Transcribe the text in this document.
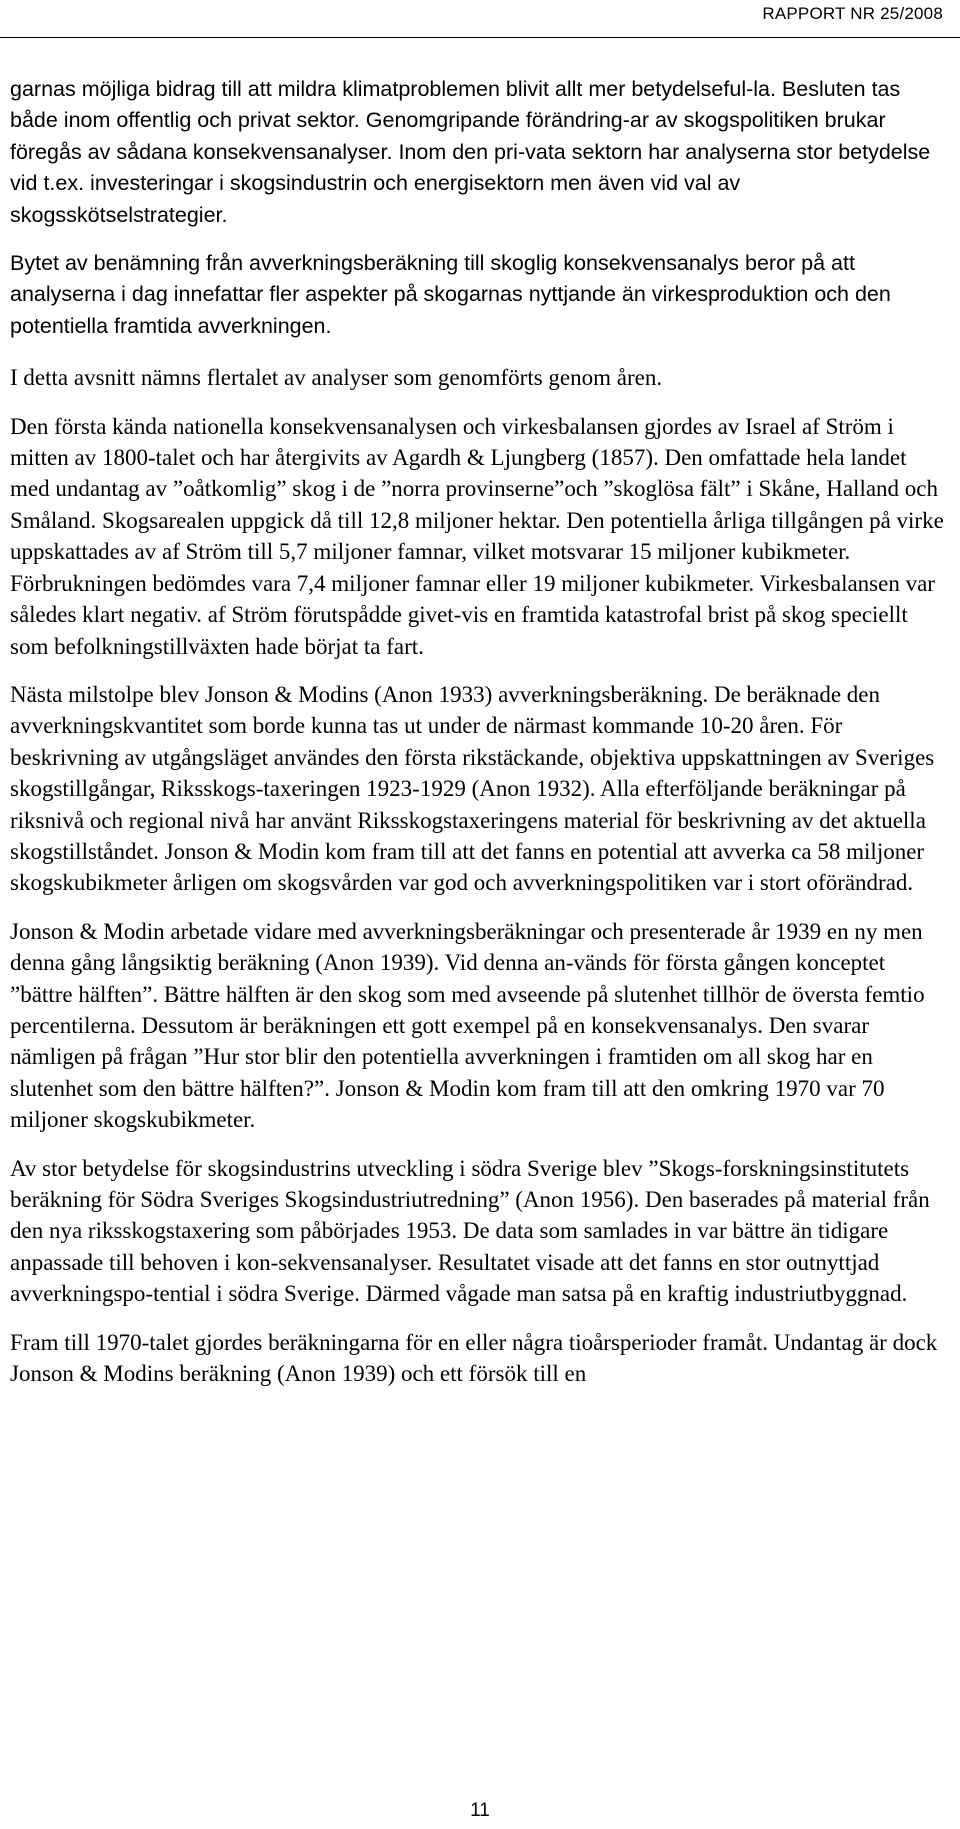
RAPPORT NR 25/2008

garnas möjliga bidrag till att mildra klimatproblemen blivit allt mer betydelseful-la. Besluten tas både inom offentlig och privat sektor. Genomgripande förändring-ar av skogspolitiken brukar föregås av sådana konsekvensanalyser. Inom den pri-vata sektorn har analyserna stor betydelse vid t.ex. investeringar i skogsindustrin och energisektorn men även vid val av skogsskötselstrategier.

Bytet av benämning från avverkningsberäkning till skoglig konsekvensanalys beror på att analyserna i dag innefattar fler aspekter på skogarnas nyttjande än virkesproduktion och den potentiella framtida avverkningen.

I detta avsnitt nämns flertalet av analyser som genomförts genom åren.

Den första kända nationella konsekvensanalysen och virkesbalansen gjordes av Israel af Ström i mitten av 1800-talet och har återgivits av Agardh & Ljungberg (1857). Den omfattade hela landet med undantag av ”oåtkomlig” skog i de ”norra provinserne”och ”skoglösa fält” i Skåne, Halland och Småland. Skogsarealen uppgick då till 12,8 miljoner hektar. Den potentiella årliga tillgången på virke uppskattades av af Ström till 5,7 miljoner famnar, vilket motsvarar 15 miljoner kubikmeter. Förbrukningen bedömdes vara 7,4 miljoner famnar eller 19 miljoner kubikmeter. Virkesbalansen var således klart negativ. af Ström förutspådde givet-vis en framtida katastrofal brist på skog speciellt som befolkningstillväxten hade börjat ta fart.

Nästa milstolpe blev Jonson & Modins (Anon 1933) avverkningsberäkning. De beräknade den avverkningskvantitet som borde kunna tas ut under de närmast kommande 10-20 åren. För beskrivning av utgångsläget användes den första rikstäckande, objektiva uppskattningen av Sveriges skogstillgångar, Riksskogs-taxeringen 1923-1929 (Anon 1932). Alla efterföljande beräkningar på riksnivå och regional nivå har använt Riksskogstaxeringens material för beskrivning av det aktuella skogstillståndet. Jonson & Modin kom fram till att det fanns en potential att avverka ca 58 miljoner skogskubikmeter årligen om skogsvården var god och avverkningspolitiken var i stort oförändrad.

Jonson & Modin arbetade vidare med avverkningsberäkningar och presenterade år 1939 en ny men denna gång långsiktig beräkning (Anon 1939). Vid denna an-vänds för första gången konceptet ”bättre hälften”. Bättre hälften är den skog som med avseende på slutenhet tillhör de översta femtio percentilerna. Dessutom är beräkningen ett gott exempel på en konsekvensanalys. Den svarar nämligen på frågan ”Hur stor blir den potentiella avverkningen i framtiden om all skog har en slutenhet som den bättre hälften?”. Jonson & Modin kom fram till att den omkring 1970 var 70 miljoner skogskubikmeter.

Av stor betydelse för skogsindustrins utveckling i södra Sverige blev ”Skogs-forskningsinstitutets beräkning för Södra Sveriges Skogsindustriutredning” (Anon 1956). Den baserades på material från den nya riksskogstaxering som påbörjades 1953. De data som samlades in var bättre än tidigare anpassade till behoven i kon-sekvensanalyser. Resultatet visade att det fanns en stor outnyttjad avverkningspo-tential i södra Sverige. Därmed vågade man satsa på en kraftig industriutbyggnad.

Fram till 1970-talet gjordes beräkningarna för en eller några tioårsperioder framåt. Undantag är dock Jonson & Modins beräkning (Anon 1939) och ett försök till en

11
